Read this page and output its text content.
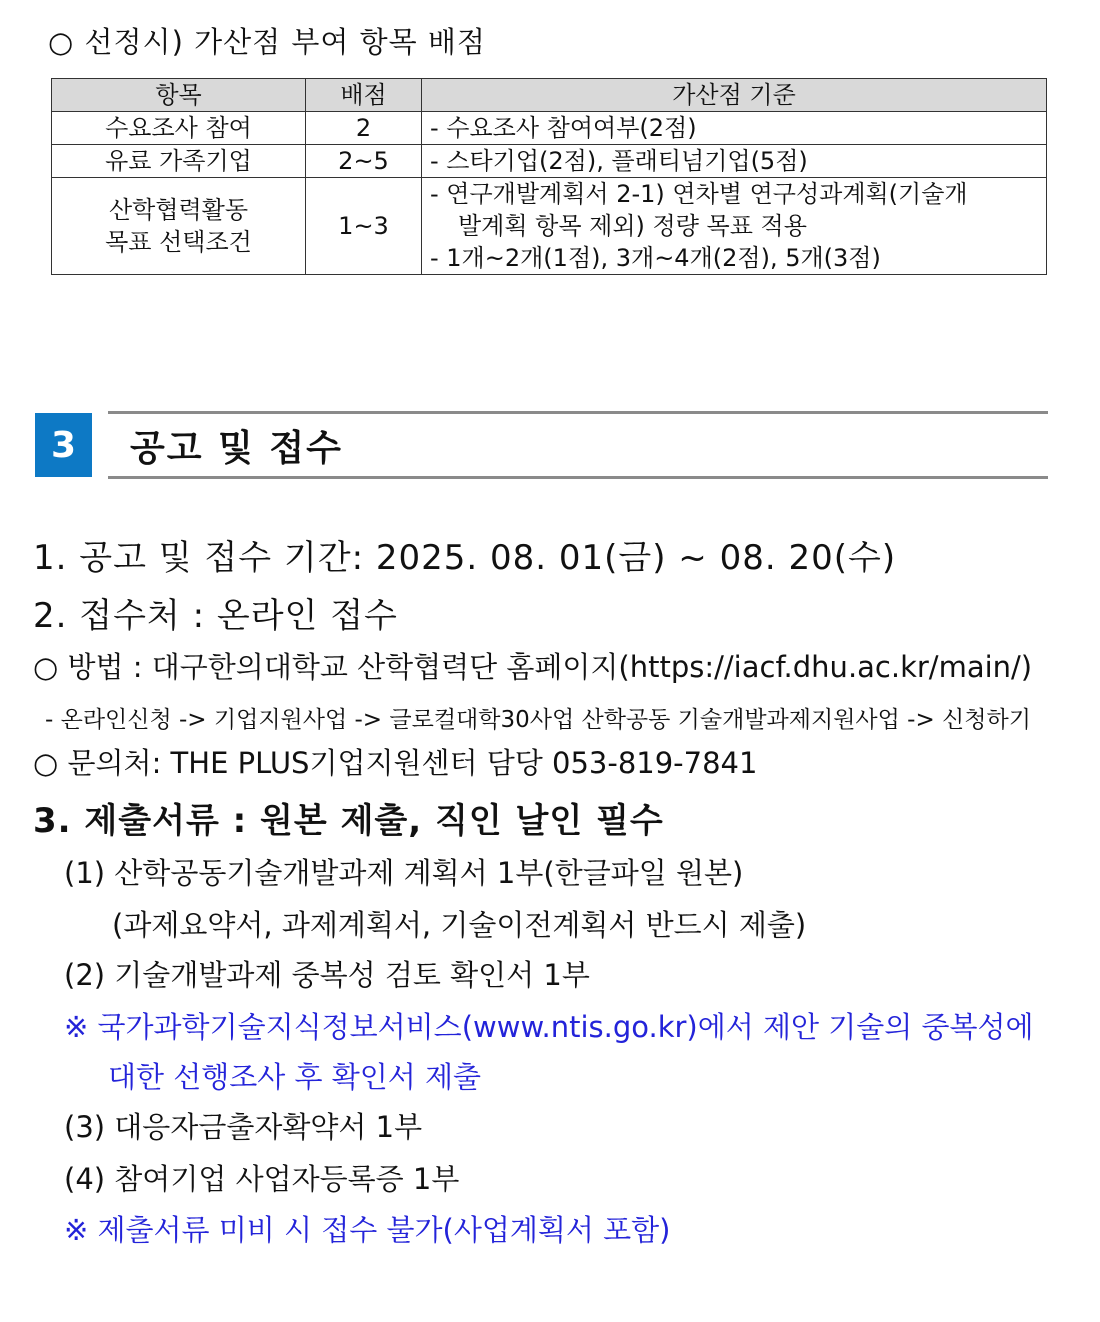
○ 선정시) 가산점 부여 항목 배점
항목	배점	가산점 기준
수요조사 참여	2	- 수요조사 참여여부(2점)
유료 가족기업	2~5	- 스타기업(2점), 플래티넘기업(5점)

산학협력활동
목표 선택조건	1~3	- 연구개발계획서 2-1) 연차별 연구성과계획(기술개
발계획 항목 제외) 정량 목표 적용
- 1개~2개(1점), 3개~4개(2점), 5개(3점)
3	공고 및 접수
1. 공고 및 접수 기간: 2025. 08. 01(금) ~ 08. 20(수)
2. 접수처 : 온라인 접수
○ 방법 : 대구한의대학교 산학협력단 홈페이지(https://iacf.dhu.ac.kr/main/)
- 온라인신청 -> 기업지원사업 -> 글로컬대학30사업 산학공동 기술개발과제지원사업 -> 신청하기
○ 문의처: THE PLUS기업지원센터 담당 053-819-7841
3. 제출서류 : 원본 제출, 직인 날인 필수
(1) 산학공동기술개발과제 계획서 1부(한글파일 원본)
(과제요약서, 과제계획서, 기술이전계획서 반드시 제출)
(2) 기술개발과제 중복성 검토 확인서 1부
※ 국가과학기술지식정보서비스(www.ntis.go.kr)에서 제안 기술의 중복성에
대한 선행조사 후 확인서 제출
(3) 대응자금출자확약서 1부
(4) 참여기업 사업자등록증 1부
※ 제출서류 미비 시 접수 불가(사업계획서 포함)
